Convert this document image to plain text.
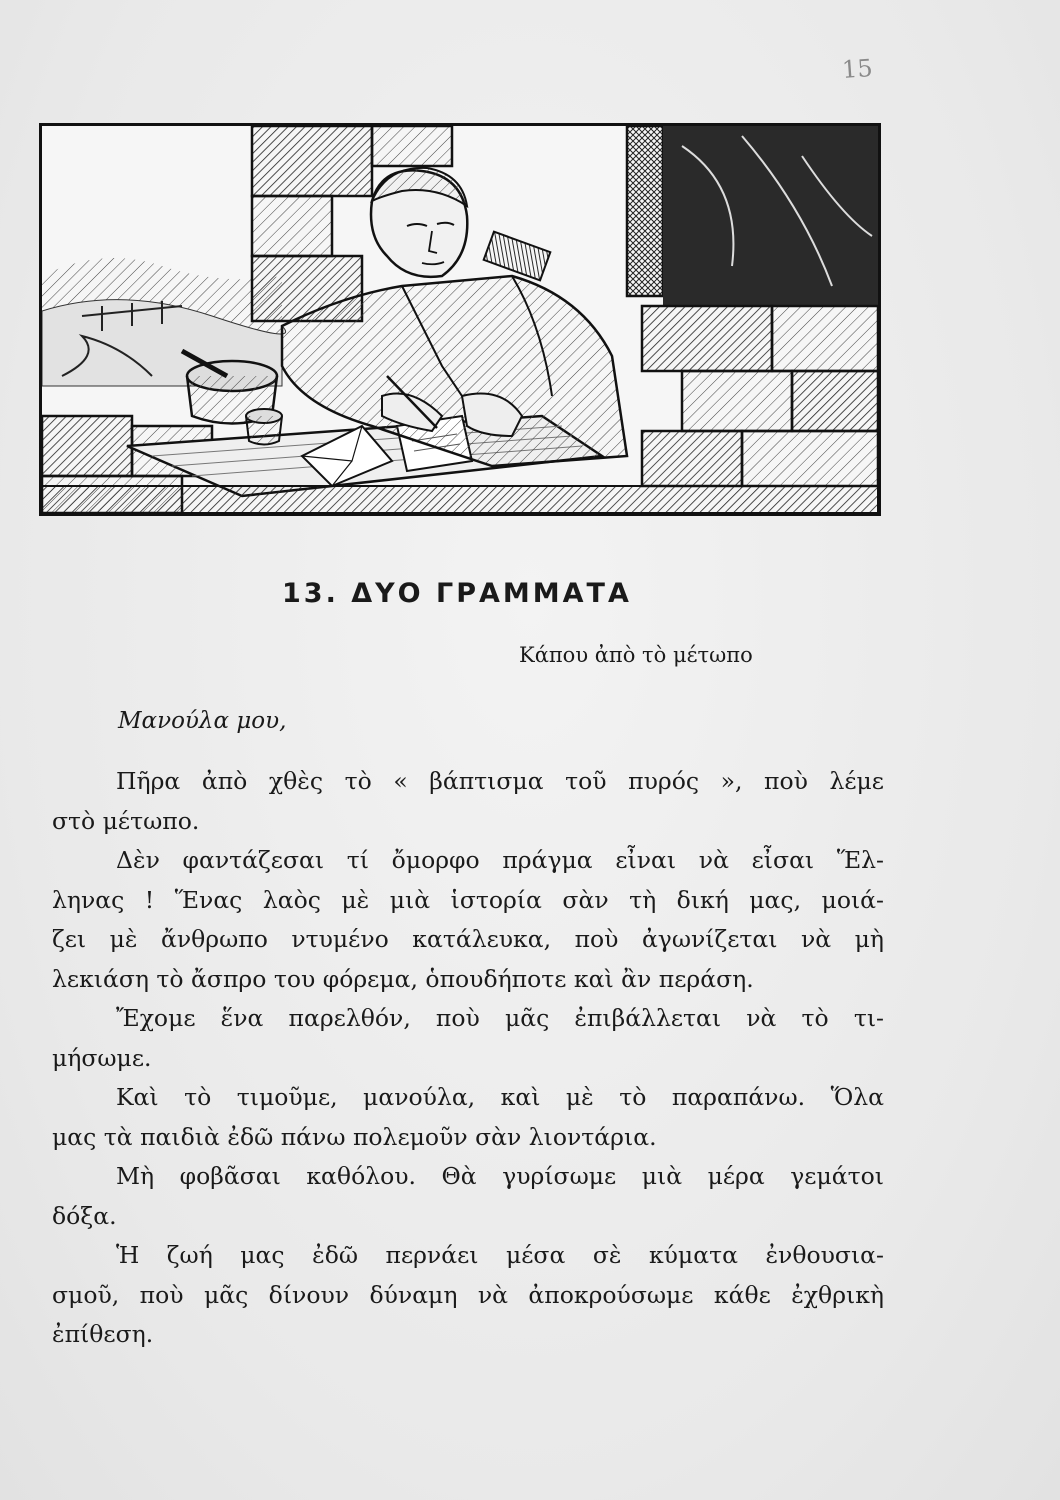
15
13. ΔΥΟ ΓΡΑΜΜΑΤΑ
Κάπου ἀπὸ τὸ μέτωπο
Μανούλα μου,

Πῆρα ἀπὸ χθὲς τὸ « βάπτισμα τοῦ πυρός », ποὺ λέμε
στὸ μέτωπο.

Δὲν φαντάζεσαι τί ὄμορφο πράγμα εἶναι νὰ εἶσαι Ἕλ-
ληνας ! Ἕνας λαὸς μὲ μιὰ ἱστορία σὰν τὴ δική μας, μοιά-
ζει μὲ ἄνθρωπο ντυμένο κατάλευκα, ποὺ ἀγωνίζεται νὰ μὴ
λεκιάση τὸ ἄσπρο του φόρεμα, ὁπουδήποτε καὶ ἂν περάση.

Ἔχομε ἕνα παρελθόν, ποὺ μᾶς ἐπιβάλλεται νὰ τὸ τι-
μήσωμε.

Καὶ τὸ τιμοῦμε, μανούλα, καὶ μὲ τὸ παραπάνω. Ὅλα
μας τὰ παιδιὰ ἐδῶ πάνω πολεμοῦν σὰν λιοντάρια.

Μὴ φοβᾶσαι καθόλου. Θὰ γυρίσωμε μιὰ μέρα γεμάτοι
δόξα.

Ἡ ζωή μας ἐδῶ περνάει μέσα σὲ κύματα ἐνθουσια-
σμοῦ, ποὺ μᾶς δίνουν δύναμη νὰ ἀποκρούσωμε κάθε ἐχθρικὴ
ἐπίθεση.
